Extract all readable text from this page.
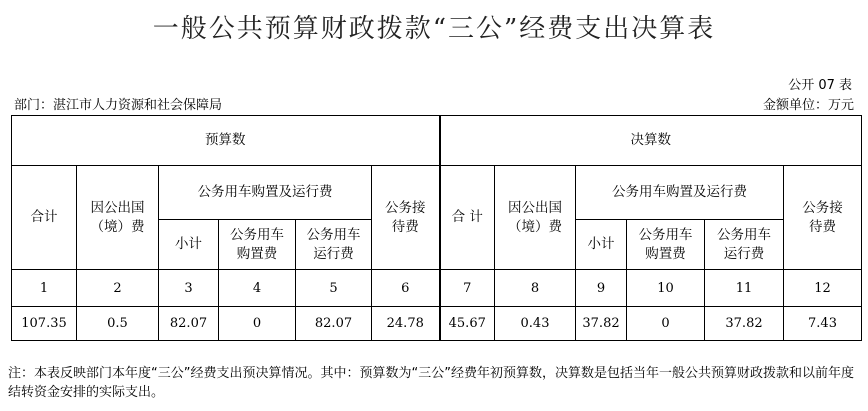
一般公共预算财政拨款“三公”经费支出决算表
公开 07 表
部门：湛江市人力资源和社会保障局	金额单位：万元
预算数						决算数					
合计	因公出国（境）费	公务用车购置及运行费			公务接待费	合 计	因公出国（境）费	公务用车购置及运行费			公务接待费
		小计	公务用车购置费	公务用车运行费				小计	公务用车购置费	公务用车运行费	
1	2	3	4	5	6	7	8	9	10	11	12
107.35	0.5	82.07	0	82.07	24.78	45.67	0.43	37.82	0	37.82	7.43
注：本表反映部门本年度“三公”经费支出预决算情况。其中：预算数为“三公”经费年初预算数，决算数是包括当年一般公共预算财政拨款和以前年度结转资金安排的实际支出。
